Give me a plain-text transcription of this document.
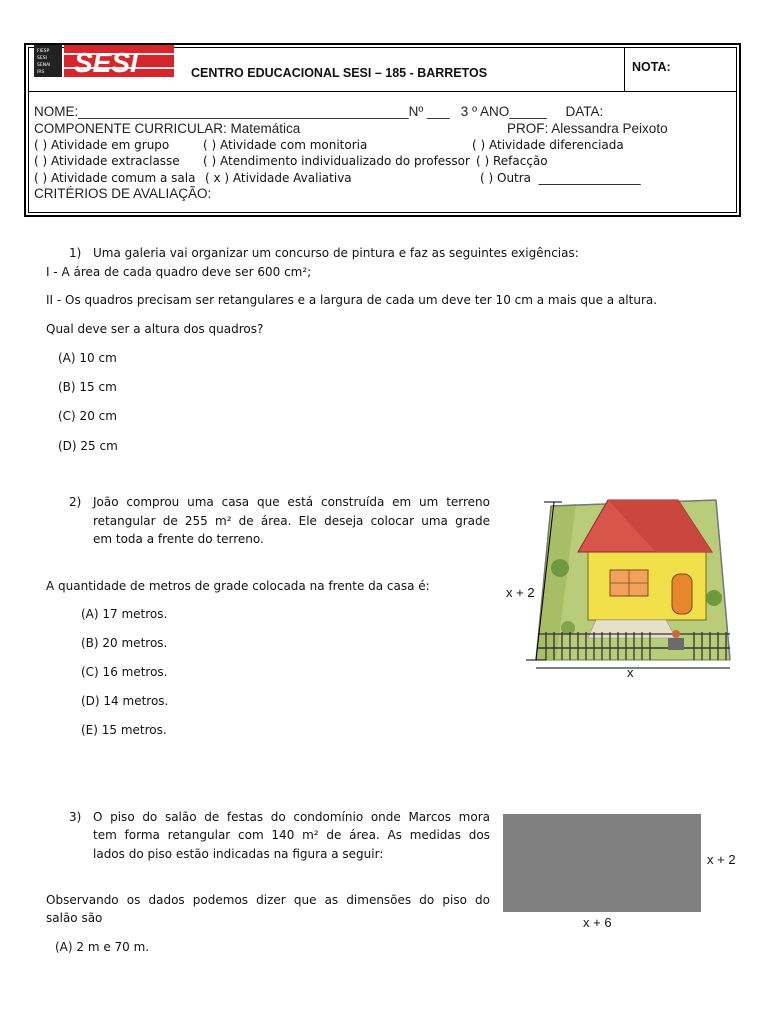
FIESP
SESI
SENAI
IRS SESI	CENTRO EDUCACIONAL SESI – 185 - BARRETOS	NOTA:
NOME:____________________________________________Nº ___   3 º ANO_____     DATA:
COMPONENTE CURRICULAR: Matemática	PROF: Alessandra Peixoto
( ) Atividade em grupo	( ) Atividade com monitoria	( ) Atividade diferenciada
( ) Atividade extraclasse ( ) Atendimento individualizado do professor ( ) Refacção
( ) Atividade comum a sala ( x ) Atividade Avaliativa	( ) Outra  _________________
CRITÉRIOS DE AVALIAÇÃO:
1) Uma galeria vai organizar um concurso de pintura e faz as seguintes exigências:
I - A área de cada quadro deve ser 600 cm²;
II - Os quadros precisam ser retangulares e a largura de cada um deve ter 10 cm a mais que a altura.
Qual deve ser a altura dos quadros?
(A) 10 cm
(B) 15 cm
(C) 20 cm
(D) 25 cm
2) João comprou uma casa que está construída em um terreno
retangular de 255 m² de área. Ele deseja colocar uma grade
em toda a frente do terreno.
A quantidade de metros de grade colocada na frente da casa é:
(A) 17 metros.
(B) 20 metros.
(C) 16 metros.
(D) 14 metros.
(E) 15 metros.
x + 2
x
3) O piso do salão de festas do condomínio onde Marcos mora
tem forma retangular com 140 m² de área. As medidas dos
lados do piso estão indicadas na figura a seguir:
Observando os dados podemos dizer que as dimensões do piso do
salão são
(A) 2 m e 70 m.
x + 2
x + 6
